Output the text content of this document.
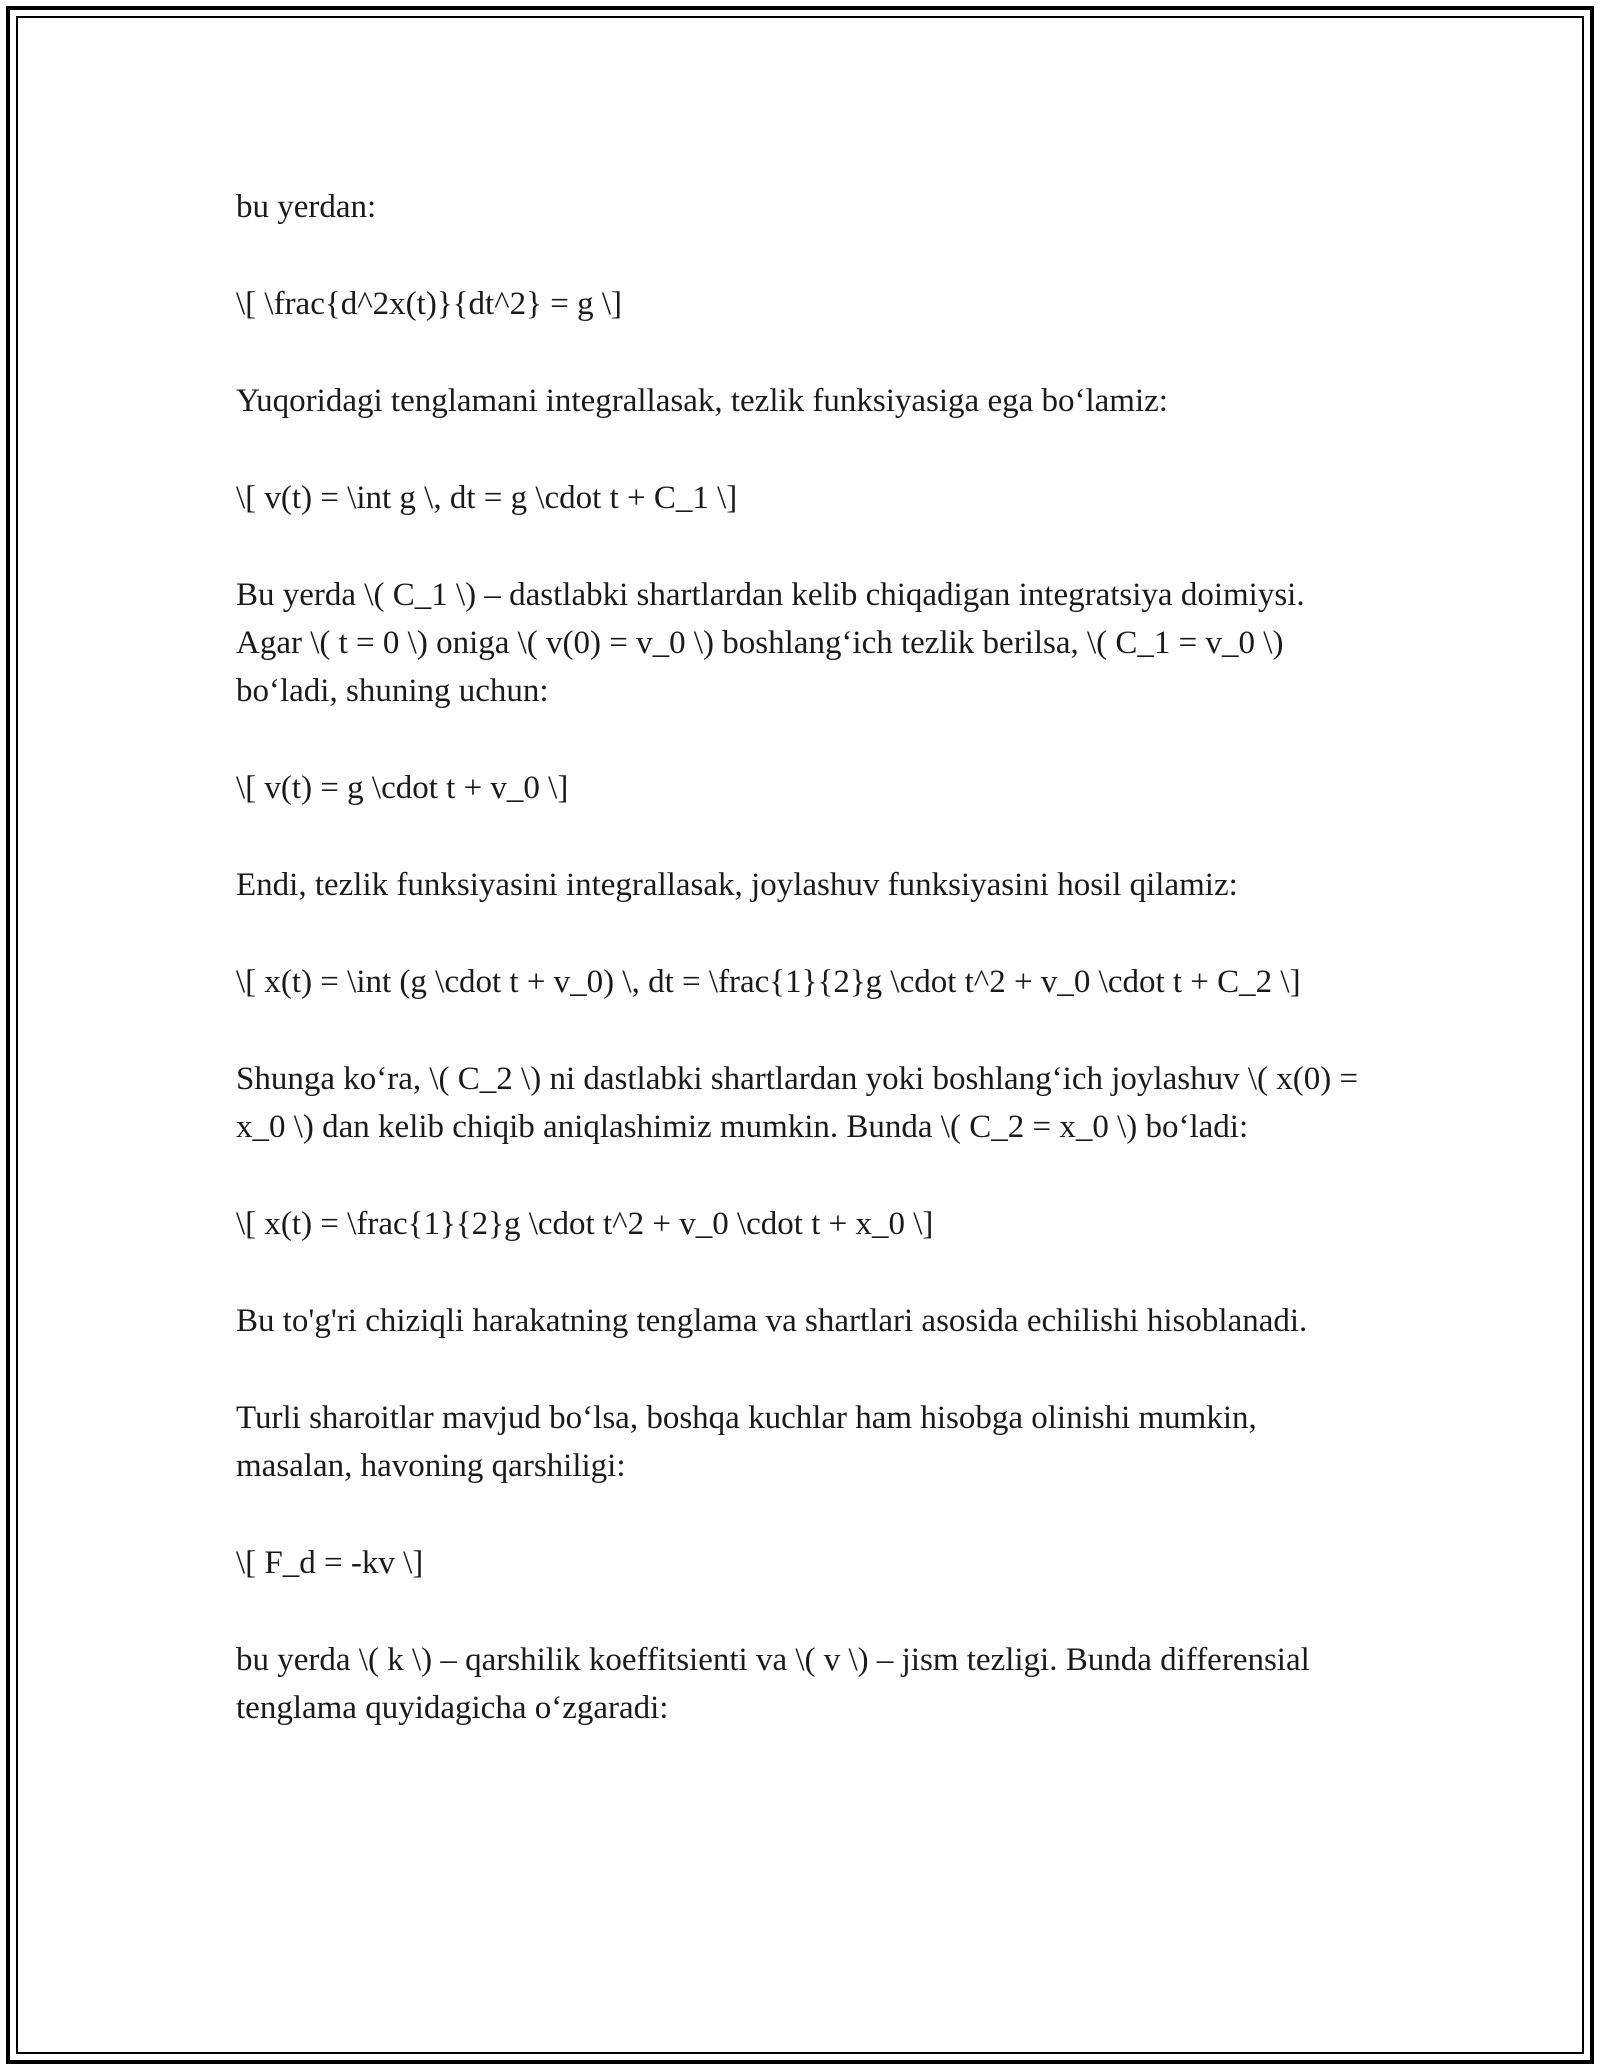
bu yerdan:

\[ \frac{d^2x(t)}{dt^2} = g \]

Yuqoridagi tenglamani integrallasak, tezlik funksiyasiga ega bo‘lamiz:

\[ v(t) = \int g \, dt = g \cdot t + C_1 \]

Bu yerda \( C_1 \) – dastlabki shartlardan kelib chiqadigan integratsiya doimiysi. Agar \( t = 0 \) oniga \( v(0) = v_0 \) boshlang‘ich tezlik berilsa, \( C_1 = v_0 \) bo‘ladi, shuning uchun:

\[ v(t) = g \cdot t + v_0 \]

Endi, tezlik funksiyasini integrallasak, joylashuv funksiyasini hosil qilamiz:

\[ x(t) = \int (g \cdot t + v_0) \, dt = \frac{1}{2}g \cdot t^2 + v_0 \cdot t + C_2 \]

Shunga ko‘ra, \( C_2 \) ni dastlabki shartlardan yoki boshlang‘ich joylashuv \( x(0) = x_0 \) dan kelib chiqib aniqlashimiz mumkin. Bunda \( C_2 = x_0 \) bo‘ladi:

\[ x(t) = \frac{1}{2}g \cdot t^2 + v_0 \cdot t + x_0 \]

Bu to'g'ri chiziqli harakatning tenglama va shartlari asosida echilishi hisoblanadi.

Turli sharoitlar mavjud bo‘lsa, boshqa kuchlar ham hisobga olinishi mumkin, masalan, havoning qarshiligi:

\[ F_d = -kv \]

bu yerda \( k \) – qarshilik koeffitsienti va \( v \) – jism tezligi. Bunda differensial tenglama quyidagicha o‘zgaradi:
